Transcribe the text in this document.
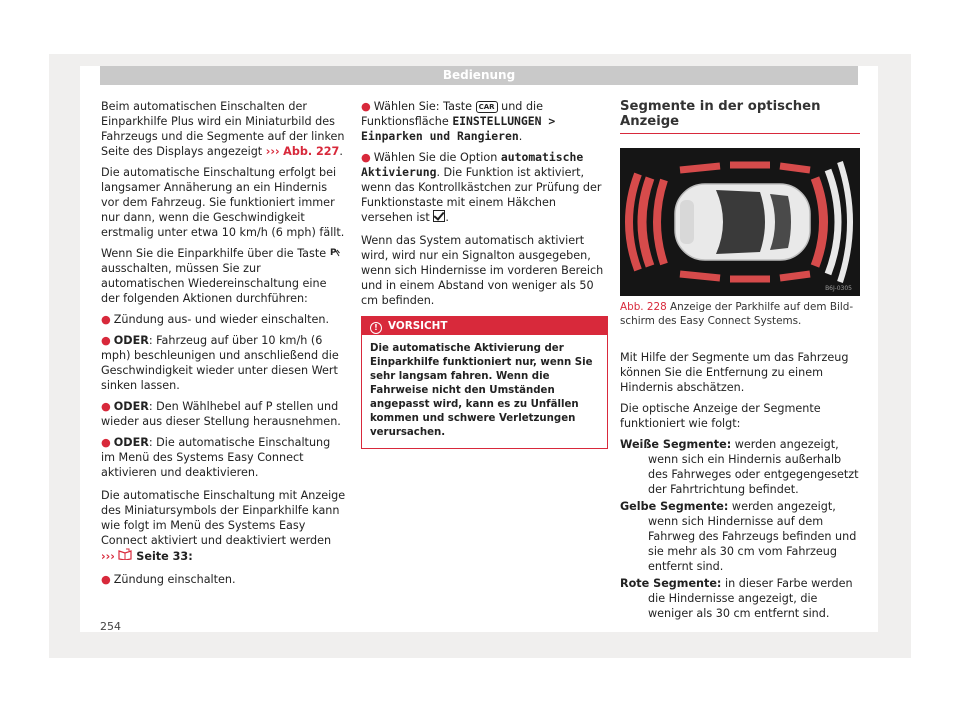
Bedienung

Beim automatischen Einschalten der Einparkhilfe Plus wird ein Miniaturbild des Fahrzeugs und die Segmente auf der linken Seite des Displays angezeigt ››› Abb. 227.

Die automatische Einschaltung erfolgt bei langsamer Annäherung an ein Hindernis vor dem Fahrzeug. Sie funktioniert immer nur dann, wenn die Geschwindigkeit erstmalig unter etwa 10 km/h (6 mph) fällt.

Wenn Sie die Einparkhilfe über die Taste P
ausschalten, müssen Sie zur automatischen Wiedereinschaltung eine der folgenden Aktionen durchführen:

● Zündung aus- und wieder einschalten.

● ODER: Fahrzeug auf über 10 km/h (6 mph) beschleunigen und anschließend die Geschwindigkeit wieder unter diesen Wert sinken lassen.

● ODER: Den Wählhebel auf P stellen und wieder aus dieser Stellung herausnehmen.

● ODER: Die automatische Einschaltung im Menü des Systems Easy Connect aktivieren und deaktivieren.

Die automatische Einschaltung mit Anzeige des Miniatursymbols der Einparkhilfe kann wie folgt im Menü des Systems Easy Connect aktiviert und deaktiviert werden ›››  Seite 33:

● Zündung einschalten.

● Wählen Sie: Taste CAR und die Funktionsfläche EINSTELLUNGEN > Einparken und Rangieren.

● Wählen Sie die Option automatische Aktivierung. Die Funktion ist aktiviert, wenn das Kontrollkästchen zur Prüfung der Funktionstaste mit einem Häkchen versehen ist .

Wenn das System automatisch aktiviert wird, wird nur ein Signalton ausgegeben, wenn sich Hindernisse im vorderen Bereich und in einem Abstand von weniger als 50 cm befinden.

! VORSICHT
Die automatische Aktivierung der Einparkhilfe funktioniert nur, wenn Sie sehr langsam fahren. Wenn die Fahrweise nicht den Umständen angepasst wird, kann es zu Unfällen kommen und schwere Verletzungen verursachen.
Segmente in der optischen Anzeige
B6J-0305
Abb. 228 Anzeige der Parkhilfe auf dem Bildschirm des Easy Connect Systems.

Mit Hilfe der Segmente um das Fahrzeug können Sie die Entfernung zu einem Hindernis abschätzen.

Die optische Anzeige der Segmente funktioniert wie folgt:

Weiße Segmente: werden angezeigt, wenn sich ein Hindernis außerhalb des Fahrweges oder entgegengesetzt der Fahrtrichtung befindet.

Gelbe Segmente: werden angezeigt, wenn sich Hindernisse auf dem Fahrweg des Fahrzeugs befinden und sie mehr als 30 cm vom Fahrzeug entfernt sind.

Rote Segmente: in dieser Farbe werden die Hindernisse angezeigt, die weniger als 30 cm entfernt sind.

254
